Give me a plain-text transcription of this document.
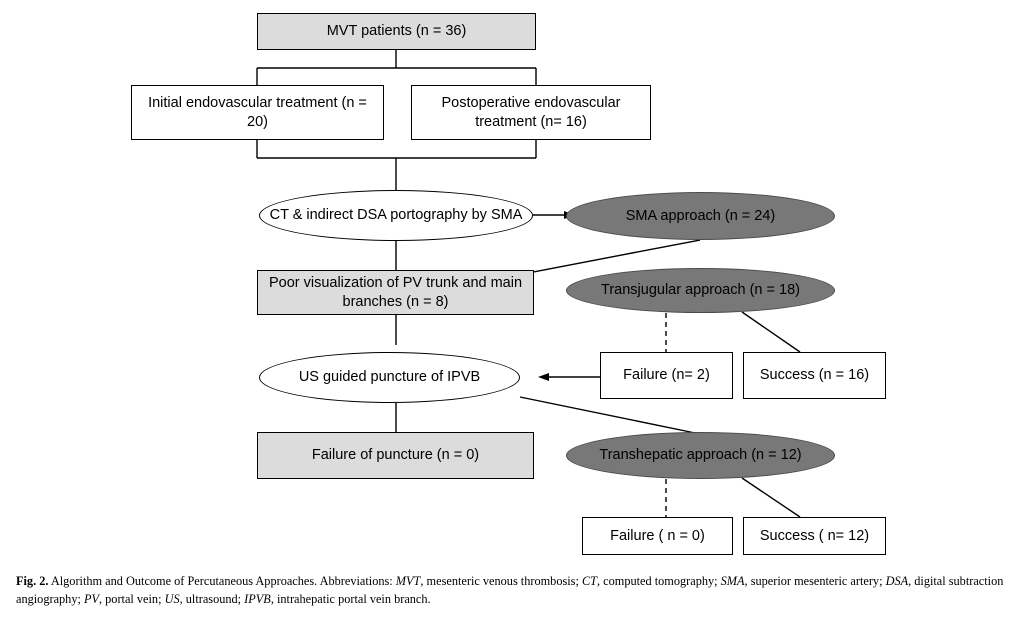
MVT patients (n = 36)
Initial endovascular treatment (n = 20)
Postoperative endovascular treatment (n= 16)
CT & indirect DSA portography by SMA	SMA approach (n = 24)
Poor visualization of PV trunk and main branches (n = 8)
Transjugular approach (n = 18)
US guided puncture of IPVB	Failure (n= 2)	Success (n = 16)
Failure of puncture (n = 0)	Transhepatic approach (n = 12)
Failure ( n = 0)	Success ( n= 12)
Fig. 2. Algorithm and Outcome of Percutaneous Approaches. Abbreviations: MVT, mesenteric venous thrombosis; CT, computed tomography; SMA, superior mesenteric artery; DSA, digital subtraction angiography; PV, portal vein; US, ultrasound; IPVB, intrahepatic portal vein branch.
